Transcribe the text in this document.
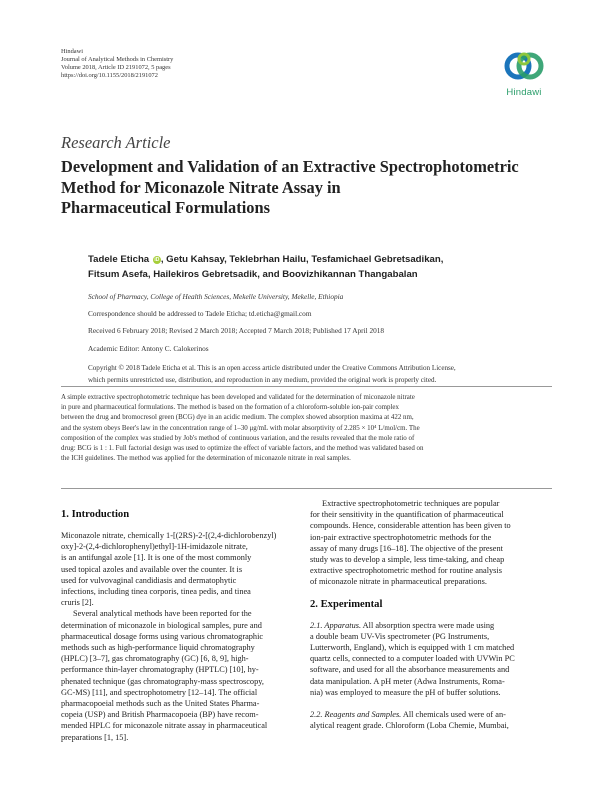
Hindawi
Journal of Analytical Methods in Chemistry
Volume 2018, Article ID 2191072, 5 pages
https://doi.org/10.1155/2018/2191072
Hindawi
Research Article
Development and Validation of an Extractive Spectrophotometric
Method for Miconazole Nitrate Assay in
Pharmaceutical Formulations
Tadele Eticha iD , Getu Kahsay, Teklebrhan Hailu, Tesfamichael Gebretsadikan,
Fitsum Asefa, Hailekiros Gebretsadik, and Boovizhikannan Thangabalan
School of Pharmacy, College of Health Sciences, Mekelle University, Mekelle, Ethiopia
Correspondence should be addressed to Tadele Eticha; td.eticha@gmail.com
Received 6 February 2018; Revised 2 March 2018; Accepted 7 March 2018; Published 17 April 2018
Academic Editor: Antony C. Calokerinos
Copyright © 2018 Tadele Eticha et al. This is an open access article distributed under the Creative Commons Attribution License,
which permits unrestricted use, distribution, and reproduction in any medium, provided the original work is properly cited.
A simple extractive spectrophotometric technique has been developed and validated for the determination of miconazole nitrate
in pure and pharmaceutical formulations. The method is based on the formation of a chloroform-soluble ion-pair complex
between the drug and bromocresol green (BCG) dye in an acidic medium. The complex showed absorption maxima at 422 nm,
and the system obeys Beer's law in the concentration range of 1–30 μg/mL with molar absorptivity of 2.285 × 10⁴ L/mol/cm. The
composition of the complex was studied by Job's method of continuous variation, and the results revealed that the mole ratio of
drug: BCG is 1 : 1. Full factorial design was used to optimize the effect of variable factors, and the method was validated based on
the ICH guidelines. The method was applied for the determination of miconazole nitrate in real samples.
1. Introduction
Miconazole nitrate, chemically 1-[(2RS)-2-[(2,4-dichlorobenzyl)
oxy]-2-(2,4-dichlorophenyl)ethyl]-1H-imidazole nitrate,
is an antifungal azole [1]. It is one of the most commonly
used topical azoles and available over the counter. It is
used for vulvovaginal candidiasis and dermatophytic
infections, including tinea corporis, tinea pedis, and tinea
cruris [2].
Several analytical methods have been reported for the
determination of miconazole in biological samples, pure and
pharmaceutical dosage forms using various chromatographic
methods such as high-performance liquid chromatography
(HPLC) [3–7], gas chromatography (GC) [6, 8, 9], high-
performance thin-layer chromatography (HPTLC) [10], hy-
phenated technique (gas chromatography-mass spectroscopy,
GC-MS) [11], and spectrophotometry [12–14]. The official
pharmacopoeial methods such as the United States Pharma-
copeia (USP) and British Pharmacopoeia (BP) have recom-
mended HPLC for miconazole nitrate assay in pharmaceutical
preparations [1, 15].
Extractive spectrophotometric techniques are popular
for their sensitivity in the quantification of pharmaceutical
compounds. Hence, considerable attention has been given to
ion-pair extractive spectrophotometric methods for the
assay of many drugs [16–18]. The objective of the present
study was to develop a simple, less time-taking, and cheap
extractive spectrophotometric method for routine analysis
of miconazole nitrate in pharmaceutical preparations.
2. Experimental
2.1. Apparatus. All absorption spectra were made using
a double beam UV-Vis spectrometer (PG Instruments,
Lutterworth, England), which is equipped with 1 cm matched
quartz cells, connected to a computer loaded with UVWin PC
software, and used for all the absorbance measurements and
data manipulation. A pH meter (Adwa Instruments, Roma-
nia) was employed to measure the pH of buffer solutions.
2.2. Reagents and Samples. All chemicals used were of an-
alytical reagent grade. Chloroform (Loba Chemie, Mumbai,
